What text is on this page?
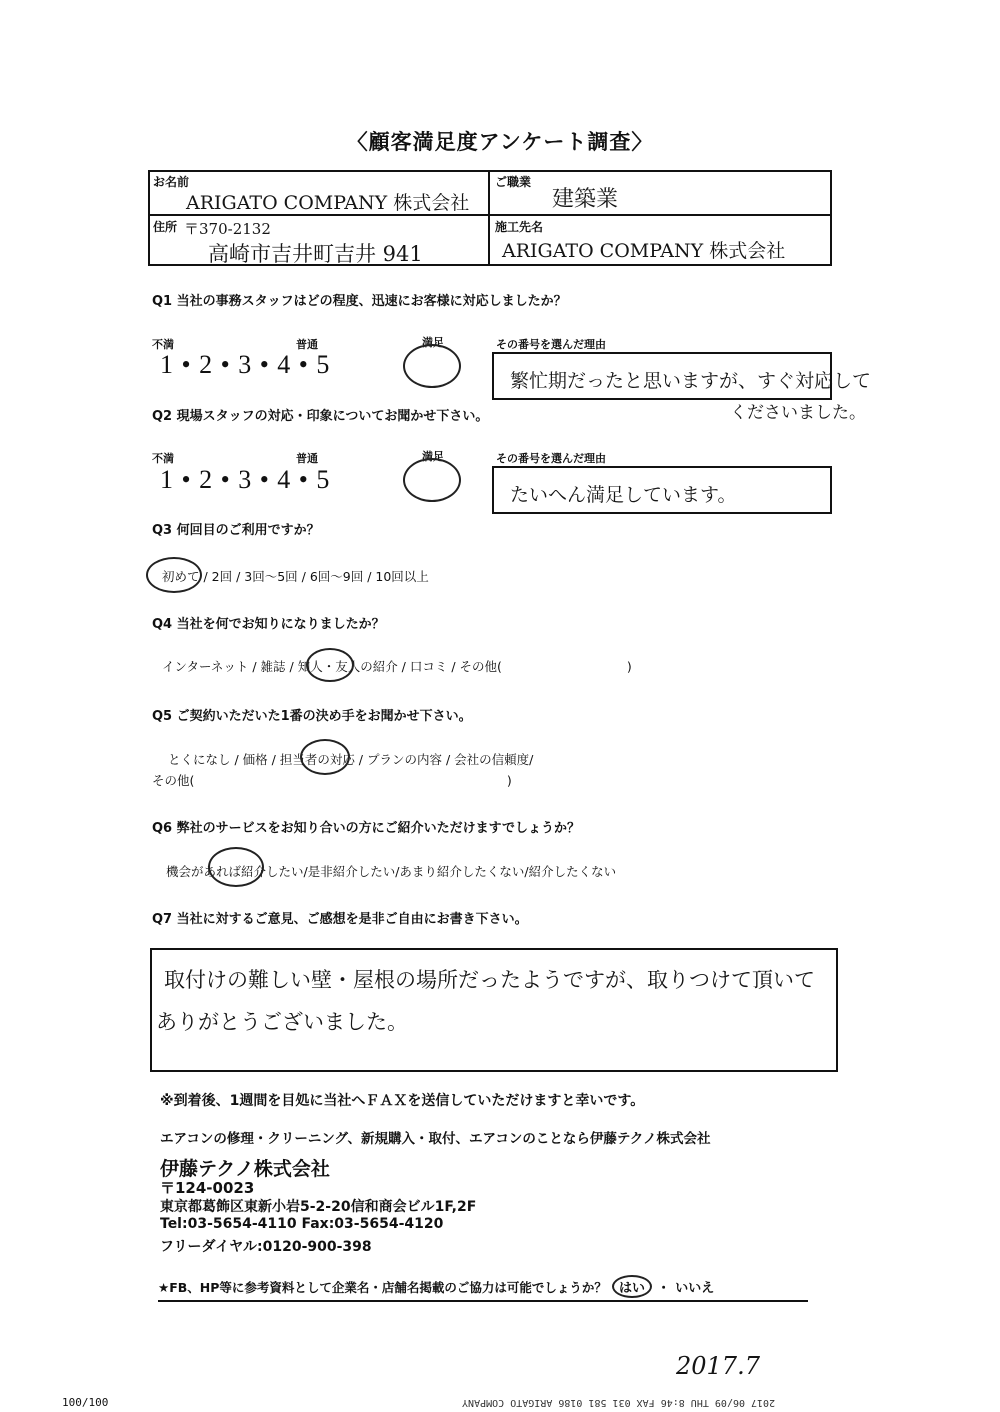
〈顧客満足度アンケート調査〉
お名前
ARIGATO COMPANY 株式会社
ご職業
建築業
住所 〒370-2132
高崎市吉井町吉井 941
施工先名
ARIGATO COMPANY 株式会社
Q1 当社の事務スタッフはどの程度、迅速にお客様に対応しましたか？
不満	普通	満足
1 • 2 • 3 • 4 • 5
その番号を選んだ理由
繁忙期だったと思いますが、すぐ対応して
くださいました。
Q2 現場スタッフの対応・印象についてお聞かせ下さい。
不満	普通	満足
1 • 2 • 3 • 4 • 5
その番号を選んだ理由
たいへん満足しています。
Q3 何回目のご利用ですか？
初めて / 2回 / 3回～5回 / 6回～9回 / 10回以上
Q4 当社を何でお知りになりましたか？
インターネット / 雑誌 / 知人・友人の紹介 / 口コミ / その他(　　　　　　　　　　)
Q5 ご契約いただいた1番の決め手をお聞かせ下さい。
とくになし / 価格 / 担当者の対応 / プランの内容 / 会社の信頼度/
その他(　　　　　　　　　　　　　　　　　　　　　　　　　)
Q6 弊社のサービスをお知り合いの方にご紹介いただけますでしょうか？
機会があれば紹介したい/是非紹介したい/あまり紹介したくない/紹介したくない
Q7 当社に対するご意見、ご感想を是非ご自由にお書き下さい。
取付けの難しい壁・屋根の場所だったようですが、取りつけて頂いて
ありがとうございました。
※到着後、1週間を目処に当社へＦＡＸを送信していただけますと幸いです。
エアコンの修理・クリーニング、新規購入・取付、エアコンのことなら伊藤テクノ株式会社
伊藤テクノ株式会社
〒124-0023
東京都葛飾区東新小岩5-2-20信和商会ビル1F,2F
Tel:03-5654-4110 Fax:03-5654-4120
フリーダイヤル:0120-900-398
★FB、HP等に参考資料として企業名・店舗名掲載のご協力は可能でしょうか？ はい ・ いいえ
2017.7
100/100	2017 06/09 THU 8:46 FAX 031 581 0186 ARIGATO COMPANY
